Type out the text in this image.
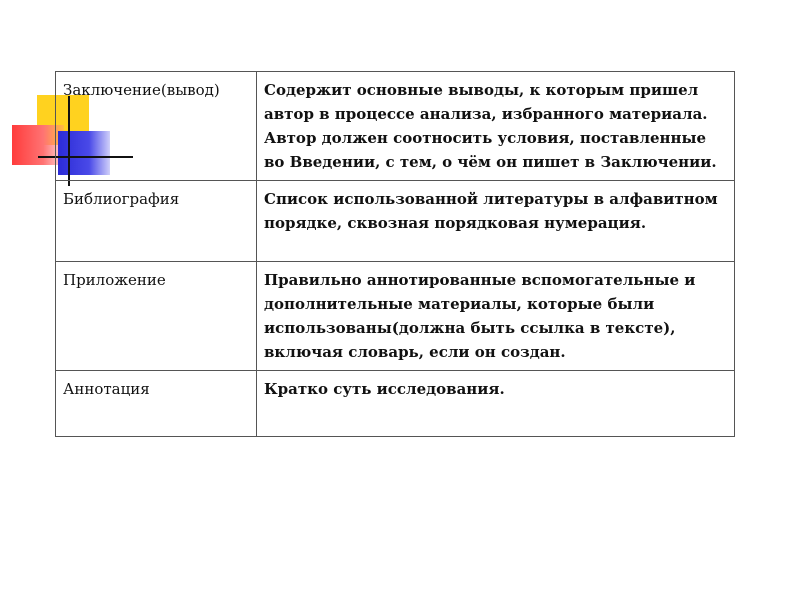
Заключение(вывод)	Содержит основные выводы, к которым пришел автор в процессе анализа, избранного материала. Автор должен соотносить условия, поставленные во Введении, с тем, о чём он пишет в Заключении.
Библиография	Список использованной литературы в алфавитном порядке, сквозная порядковая нумерация.
Приложение	Правильно аннотированные вспомогательные и дополнительные материалы, которые были использованы(должна быть ссылка в тексте), включая словарь, если он создан.
Аннотация	Кратко суть исследования.
